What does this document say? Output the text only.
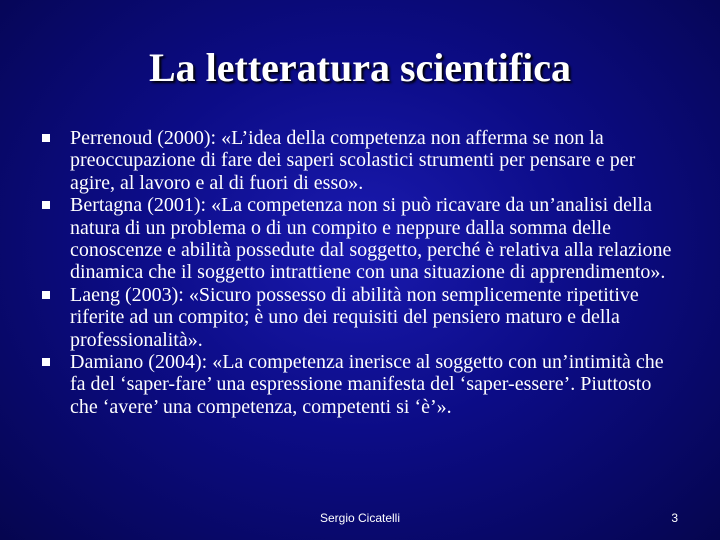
La letteratura scientifica
Perrenoud (2000): «L’idea della competenza non afferma se non la preoccupazione di fare dei saperi scolastici strumenti per pensare e per agire, al lavoro e al di fuori di esso».
Bertagna (2001): «La competenza non si può ricavare da un’analisi della natura di un problema o di un compito e neppure dalla somma delle conoscenze e abilità possedute dal soggetto, perché è relativa alla relazione dinamica che il soggetto intrattiene con una situazione di apprendimento».
Laeng (2003): «Sicuro possesso di abilità non semplicemente ripetitive riferite ad un compito; è uno dei requisiti del pensiero maturo e della professionalità».
Damiano (2004): «La competenza inerisce al soggetto con un’intimità che fa del ‘saper-fare’ una espressione manifesta del ‘saper-essere’. Piuttosto che ‘avere’ una competenza, competenti si ‘è’».
Sergio Cicatelli	3
